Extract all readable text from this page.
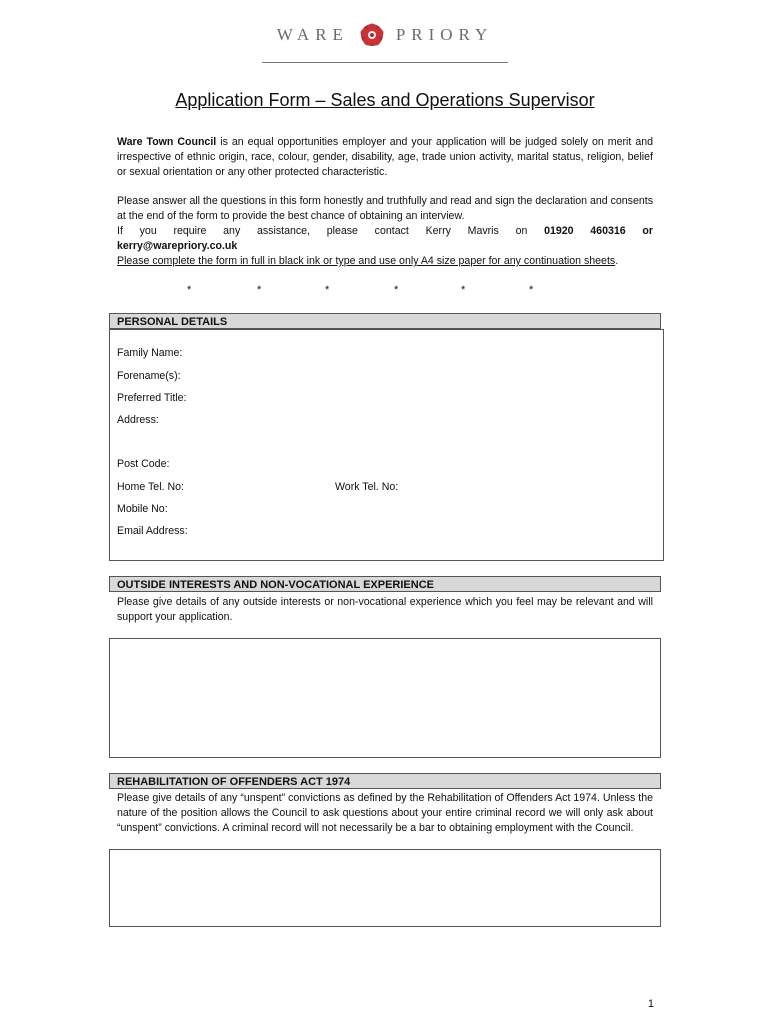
WARE	PRIORY
Application Form – Sales and Operations Supervisor
Ware Town Council is an equal opportunities employer and your application will be judged solely on merit and irrespective of ethnic origin, race, colour, gender, disability, age, trade union activity, marital status, religion, belief or sexual orientation or any other protected characteristic.
Please answer all the questions in this form honestly and truthfully and read and sign the declaration and consents at the end of the form to provide the best chance of obtaining an interview.
If you require any assistance, please contact Kerry Mavris on 01920 460316 or
kerry@warepriory.co.uk
Please complete the form in full in black ink or type and use only A4 size paper for any continuation sheets.
*	*	*	*	*	*
PERSONAL DETAILS
Family Name:
Forename(s):
Preferred Title:
Address:
Post Code:
Home Tel. No:	Work Tel. No:
Mobile No:
Email Address:
OUTSIDE INTERESTS AND NON-VOCATIONAL EXPERIENCE
Please give details of any outside interests or non-vocational experience which you feel may be relevant and will support your application.
REHABILITATION OF OFFENDERS ACT 1974
Please give details of any “unspent” convictions as defined by the Rehabilitation of Offenders Act 1974. Unless the nature of the position allows the Council to ask questions about your entire criminal record we will only ask about “unspent” convictions. A criminal record will not necessarily be a bar to obtaining employment with the Council.
1
